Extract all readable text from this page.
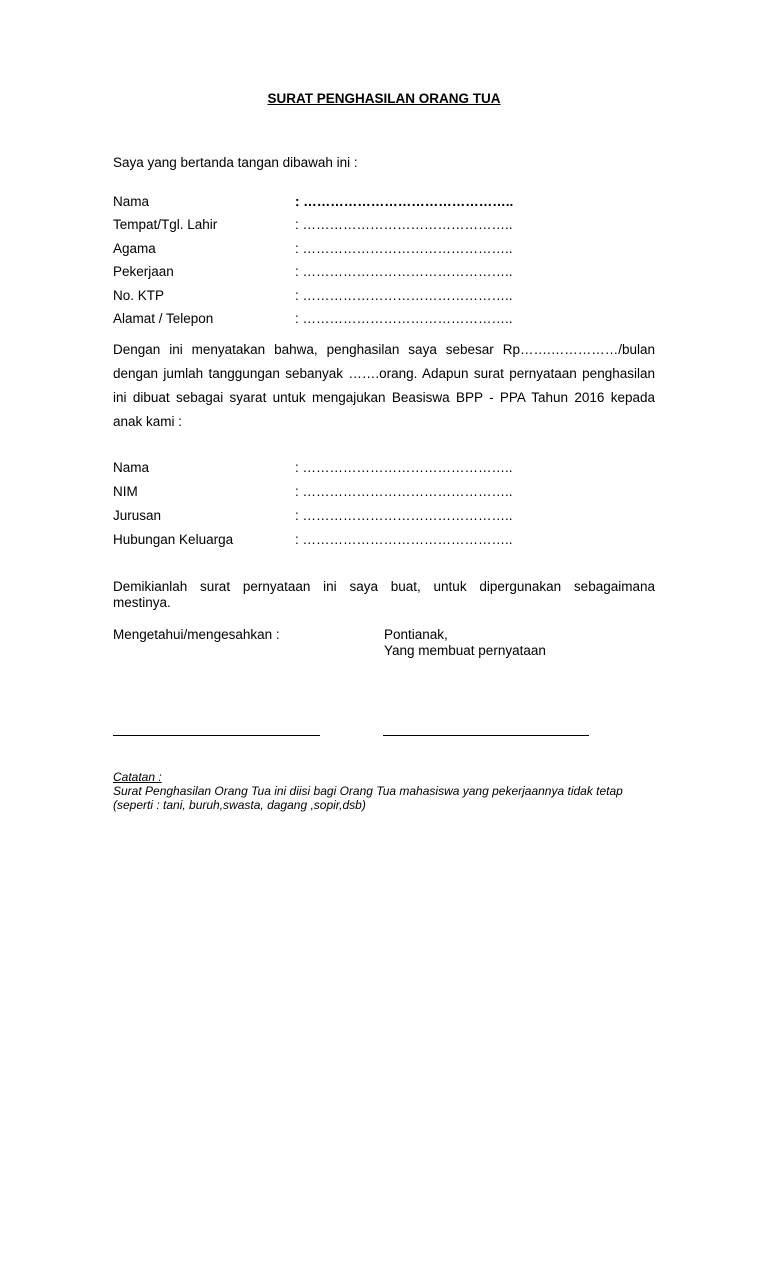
SURAT PENGHASILAN ORANG TUA
Saya yang bertanda tangan dibawah ini :
Nama	: ………………………………………..
Tempat/Tgl. Lahir	: ………………………………………..
Agama	: ………………………………………..
Pekerjaan	: ………………………………………..
No. KTP	: ………………………………………..
Alamat / Telepon	: ………………………………………..
Dengan ini menyatakan bahwa, penghasilan saya sebesar Rp…….……………/bulan
dengan jumlah tanggungan sebanyak …….orang. Adapun surat pernyataan penghasilan
ini dibuat sebagai syarat untuk mengajukan Beasiswa BPP - PPA Tahun 2016 kepada
anak kami :
Nama	: ………………………………………..
NIM	: ………………………………………..
Jurusan	: ………………………………………..
Hubungan Keluarga	: ………………………………………..
Demikianlah surat pernyataan ini saya buat, untuk dipergunakan sebagaimana
mestinya.
Mengetahui/mengesahkan :	Pontianak,
Yang membuat pernyataan
Catatan :
Surat Penghasilan Orang Tua ini diisi bagi Orang Tua mahasiswa yang pekerjaannya tidak tetap
(seperti : tani, buruh,swasta, dagang ,sopir,dsb)
